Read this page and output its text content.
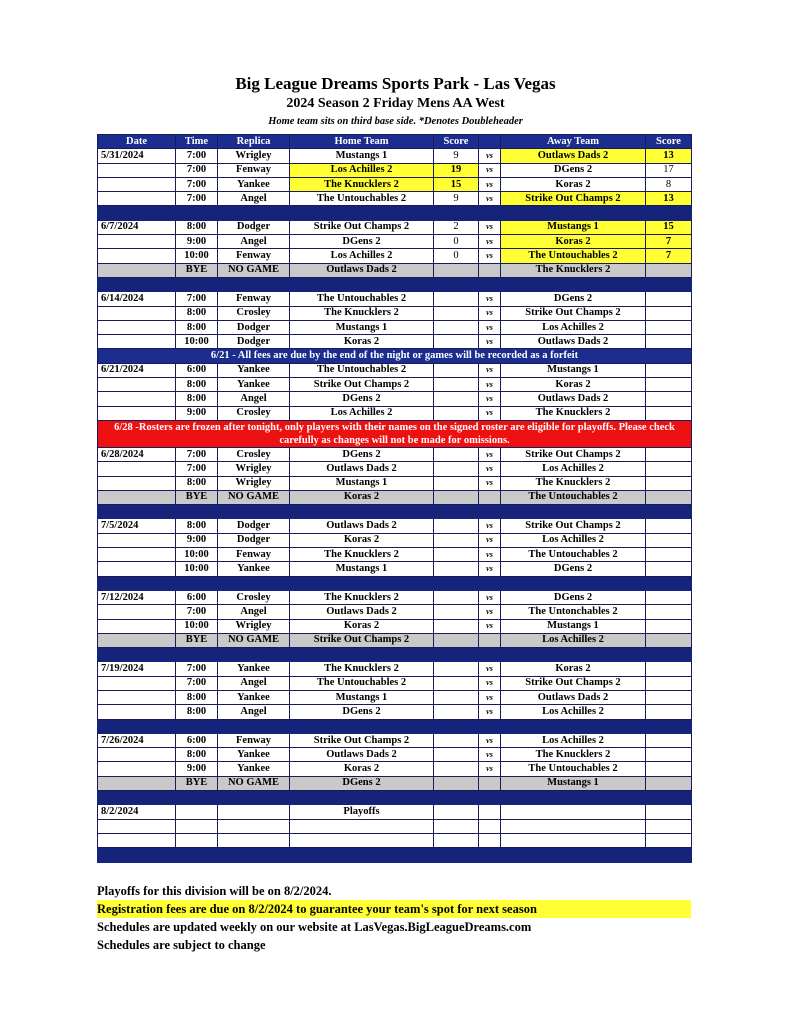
Big League Dreams Sports Park - Las Vegas
2024 Season 2 Friday Mens AA West
Home team sits on third base side. *Denotes Doubleheader
Date	Time	Replica	Home Team	Score		Away Team	Score
5/31/2024	7:00	Wrigley	Mustangs 1	9	vs	Outlaws Dads 2	13
	7:00	Fenway	Los Achilles 2	19	vs	DGens 2	17
	7:00	Yankee	The Knucklers 2	15	vs	Koras 2	8
	7:00	Angel	The Untouchables 2	9	vs	Strike Out Champs 2	13

6/7/2024	8:00	Dodger	Strike Out Champs 2	2	vs	Mustangs 1	15
	9:00	Angel	DGens 2	0	vs	Koras 2	7
	10:00	Fenway	Los Achilles 2	0	vs	The Untouchables 2	7
	BYE	NO GAME	Outlaws Dads 2			The Knucklers 2	

6/14/2024	7:00	Fenway	The Untouchables 2		vs	DGens 2	
	8:00	Crosley	The Knucklers 2		vs	Strike Out Champs 2	
	8:00	Dodger	Mustangs 1		vs	Los Achilles 2	
	10:00	Dodger	Koras 2		vs	Outlaws Dads 2	
6/21 - All fees are due by the end of the night or games will be recorded as a forfeit							
6/21/2024	6:00	Yankee	The Untouchables 2		vs	Mustangs 1	
	8:00	Yankee	Strike Out Champs 2		vs	Koras 2	
	8:00	Angel	DGens 2		vs	Outlaws Dads 2	
	9:00	Crosley	Los Achilles 2		vs	The Knucklers 2	
6/28 -Rosters are frozen after tonight, only players with their names on the signed roster are eligible for playoffs. Please check carefully as changes will not be made for omissions.							
6/28/2024	7:00	Crosley	DGens 2		vs	Strike Out Champs 2	
	7:00	Wrigley	Outlaws Dads 2		vs	Los Achilles 2	
	8:00	Wrigley	Mustangs 1		vs	The Knucklers 2	
	BYE	NO GAME	Koras 2			The Untouchables 2	

7/5/2024	8:00	Dodger	Outlaws Dads 2		vs	Strike Out Champs 2	
	9:00	Dodger	Koras 2		vs	Los Achilles 2	
	10:00	Fenway	The Knucklers 2		vs	The Untouchables 2	
	10:00	Yankee	Mustangs 1		vs	DGens 2	

7/12/2024	6:00	Crosley	The Knucklers 2		vs	DGens 2	
	7:00	Angel	Outlaws Dads 2		vs	The Untonchables 2	
	10:00	Wrigley	Koras 2		vs	Mustangs 1	
	BYE	NO GAME	Strike Out Champs 2			Los Achilles 2	

7/19/2024	7:00	Yankee	The Knucklers 2		vs	Koras 2	
	7:00	Angel	The Untouchables 2		vs	Strike Out Champs 2	
	8:00	Yankee	Mustangs 1		vs	Outlaws Dads 2	
	8:00	Angel	DGens 2		vs	Los Achilles 2	

7/26/2024	6:00	Fenway	Strike Out Champs 2		vs	Los Achilles 2	
	8:00	Yankee	Outlaws Dads 2		vs	The Knucklers 2	
	9:00	Yankee	Koras 2		vs	The Untouchables 2	
	BYE	NO GAME	DGens 2			Mustangs 1	

8/2/2024			Playoffs				

Playoffs for this division will be on 8/2/2024.
Registration fees are due on 8/2/2024 to guarantee your team's spot for next season
Schedules are updated weekly on our website at LasVegas.BigLeagueDreams.com
Schedules are subject to change
